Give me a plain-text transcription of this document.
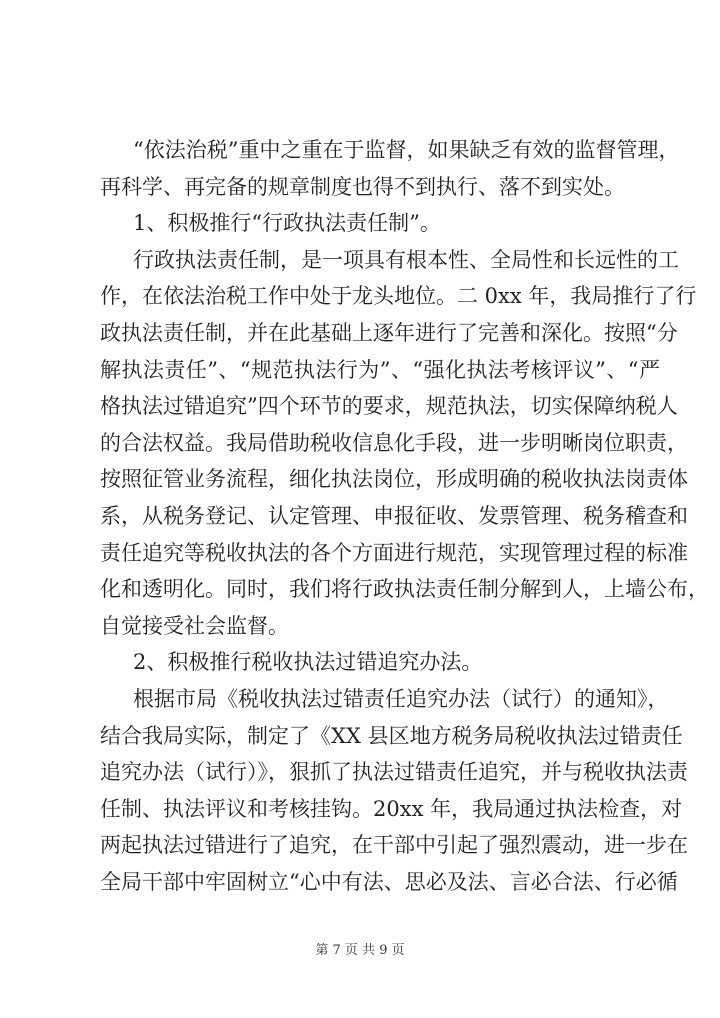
“依法治税”重中之重在于监督，如果缺乏有效的监督管理，
再科学、再完备的规章制度也得不到执行、落不到实处。
1、积极推行“行政执法责任制”。
行政执法责任制，是一项具有根本性、全局性和长远性的工
作，在依法治税工作中处于龙头地位。二 0xx 年，我局推行了行
政执法责任制，并在此基础上逐年进行了完善和深化。按照“分
解执法责任”、“规范执法行为”、“强化执法考核评议”、“严
格执法过错追究”四个环节的要求，规范执法，切实保障纳税人
的合法权益。我局借助税收信息化手段，进一步明晰岗位职责，
按照征管业务流程，细化执法岗位，形成明确的税收执法岗责体
系，从税务登记、认定管理、申报征收、发票管理、税务稽查和
责任追究等税收执法的各个方面进行规范，实现管理过程的标准
化和透明化。同时，我们将行政执法责任制分解到人，上墙公布，
自觉接受社会监督。
2、积极推行税收执法过错追究办法。
根据市局《税收执法过错责任追究办法（试行）的通知》，
结合我局实际，制定了《XX 县区地方税务局税收执法过错责任
追究办法（试行）》，狠抓了执法过错责任追究，并与税收执法责
任制、执法评议和考核挂钩。20xx 年，我局通过执法检查，对
两起执法过错进行了追究，在干部中引起了强烈震动，进一步在
全局干部中牢固树立“心中有法、思必及法、言必合法、行必循
第 7 页 共 9 页
